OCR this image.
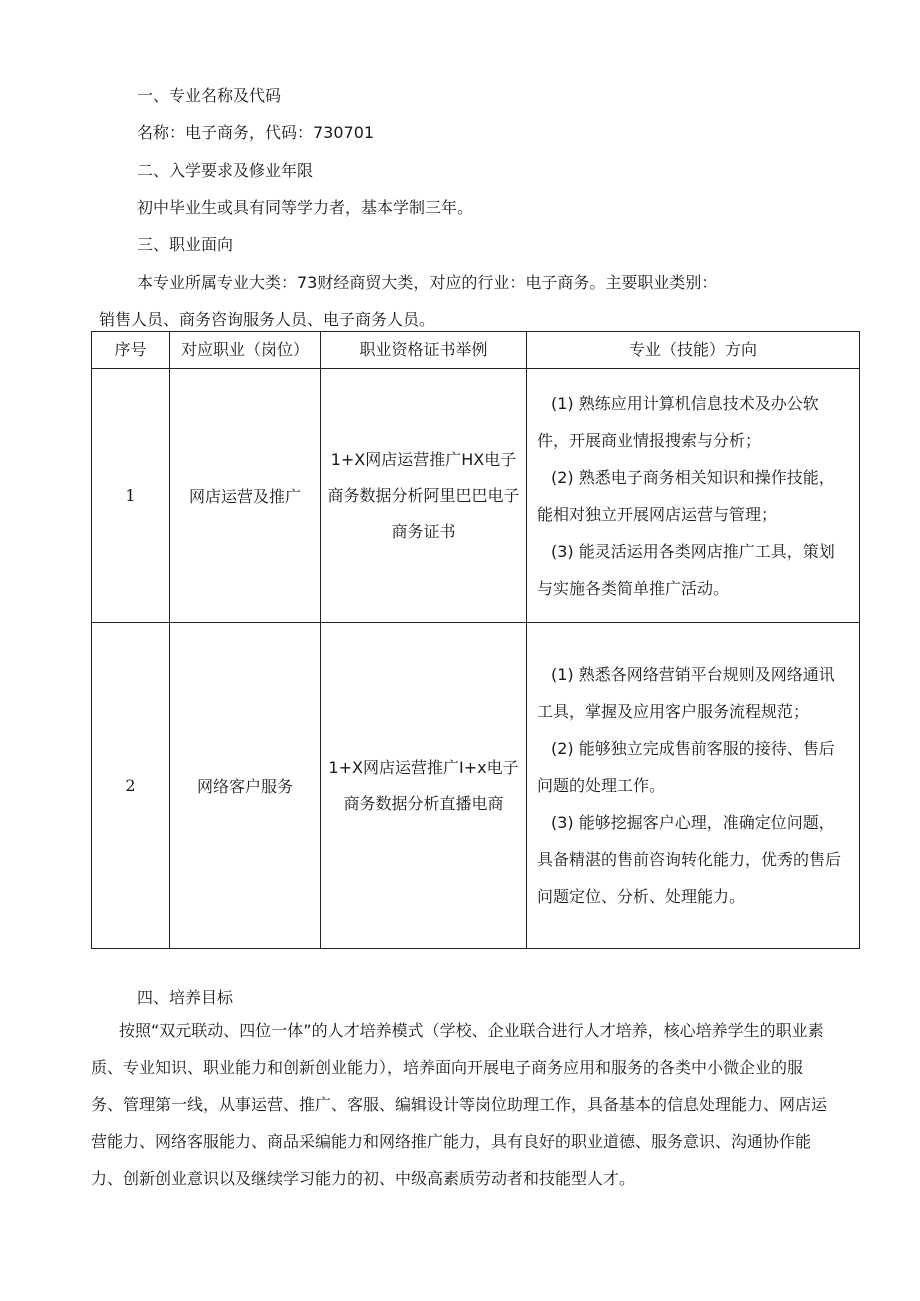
一、专业名称及代码
名称：电子商务，代码：730701
二、入学要求及修业年限
初中毕业生或具有同等学力者，基本学制三年。
三、职业面向
本专业所属专业大类：73财经商贸大类，对应的行业：电子商务。主要职业类别：
销售人员、商务咨询服务人员、电子商务人员。
序号	对应职业（岗位）	职业资格证书举例	专业（技能）方向
1	网店运营及推广	1+X网店运营推广HX电子商务数据分析阿里巴巴电子商务证书	(1) 熟练应用计算机信息技术及办公软件，开展商业情报搜索与分析；
(2) 熟悉电子商务相关知识和操作技能，能相对独立开展网店运营与管理；
(3) 能灵活运用各类网店推广工具，策划与实施各类简单推广活动。

2	网络客户服务	1+X网店运营推广I+x电子商务数据分析直播电商	(1) 熟悉各网络营销平台规则及网络通讯工具，掌握及应用客户服务流程规范；
(2) 能够独立完成售前客服的接待、售后问题的处理工作。
(3) 能够挖掘客户心理，准确定位问题，具备精湛的售前咨询转化能力，优秀的售后问题定位、分析、处理能力。
四、培养目标
按照“双元联动、四位一体”的人才培养模式（学校、企业联合进行人才培养，核心培养学生的职业素质、专业知识、职业能力和创新创业能力），培养面向开展电子商务应用和服务的各类中小微企业的服务、管理第一线，从事运营、推广、客服、编辑设计等岗位助理工作，具备基本的信息处理能力、网店运营能力、网络客服能力、商品采编能力和网络推广能力，具有良好的职业道德、服务意识、沟通协作能力、创新创业意识以及继续学习能力的初、中级高素质劳动者和技能型人才。
